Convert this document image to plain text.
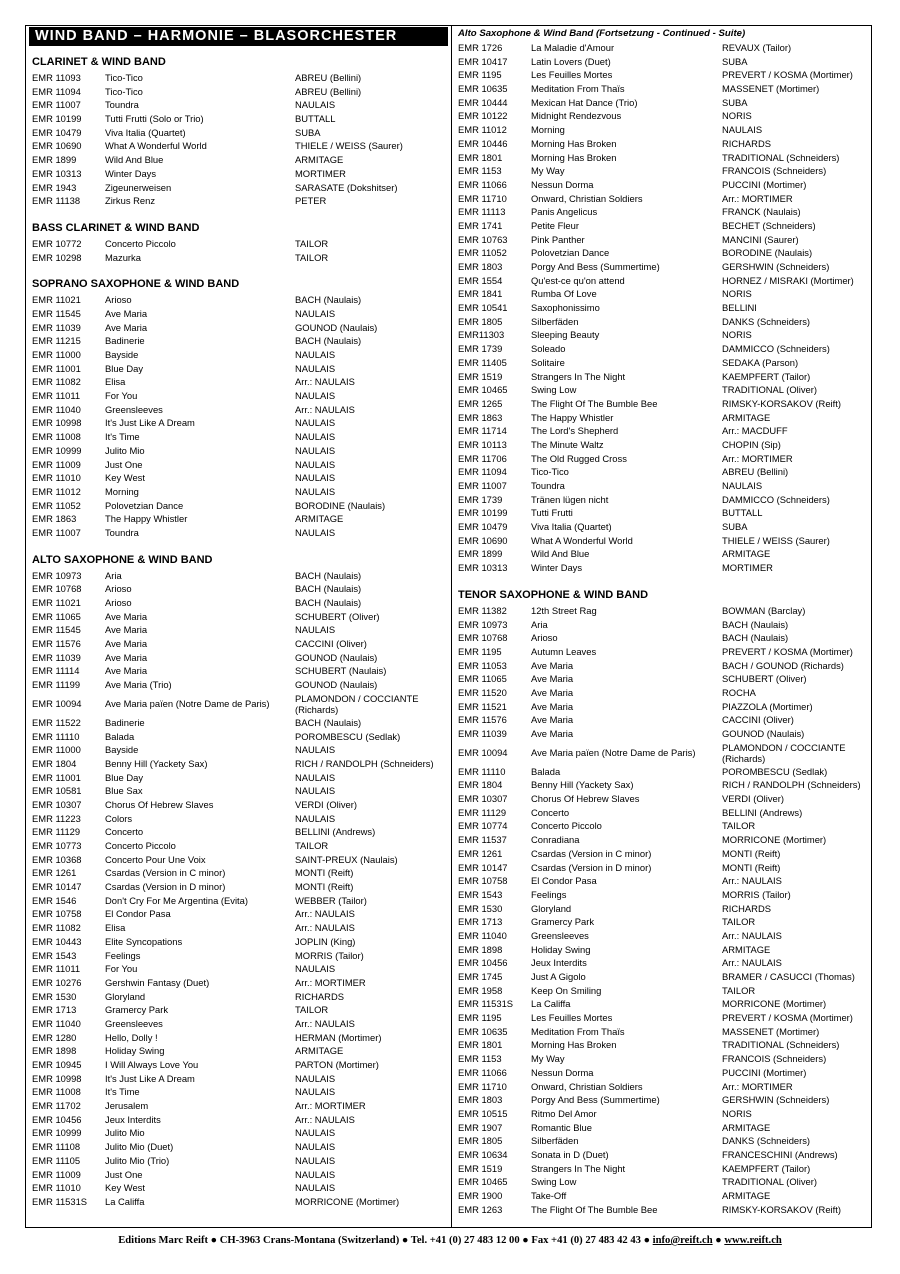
WIND BAND – HARMONIE – BLASORCHESTER
CLARINET & WIND BAND
EMR 11093	Tico-Tico	ABREU (Bellini)
EMR 11094	Tico-Tico	ABREU (Bellini)
EMR 11007	Toundra	NAULAIS
EMR 10199	Tutti Frutti (Solo or Trio)	BUTTALL
EMR 10479	Viva Italia (Quartet)	SUBA
EMR 10690	What A Wonderful World	THIELE / WEISS (Saurer)
EMR 1899	Wild And Blue	ARMITAGE
EMR 10313	Winter Days	MORTIMER
EMR 1943	Zigeunerweisen	SARASATE (Dokshitser)
EMR 11138	Zirkus Renz	PETER
BASS CLARINET & WIND BAND
EMR 10772	Concerto Piccolo	TAILOR
EMR 10298	Mazurka	TAILOR
SOPRANO SAXOPHONE & WIND BAND
EMR 11021	Arioso	BACH (Naulais)
EMR 11545	Ave Maria	NAULAIS
EMR 11039	Ave Maria	GOUNOD (Naulais)
EMR 11215	Badinerie	BACH (Naulais)
EMR 11000	Bayside	NAULAIS
EMR 11001	Blue Day	NAULAIS
EMR 11082	Elisa	Arr.: NAULAIS
EMR 11011	For You	NAULAIS
EMR 11040	Greensleeves	Arr.: NAULAIS
EMR 10998	It's Just Like A Dream	NAULAIS
EMR 11008	It's Time	NAULAIS
EMR 10999	Julito Mio	NAULAIS
EMR 11009	Just One	NAULAIS
EMR 11010	Key West	NAULAIS
EMR 11012	Morning	NAULAIS
EMR 11052	Polovetzian Dance	BORODINE (Naulais)
EMR 1863	The Happy Whistler	ARMITAGE
EMR 11007	Toundra	NAULAIS
ALTO SAXOPHONE & WIND BAND
EMR 10973	Aria	BACH (Naulais)
EMR 10768	Arioso	BACH (Naulais)
EMR 11021	Arioso	BACH (Naulais)
EMR 11065	Ave Maria	SCHUBERT (Oliver)
EMR 11545	Ave Maria	NAULAIS
EMR 11576	Ave Maria	CACCINI (Oliver)
EMR 11039	Ave Maria	GOUNOD (Naulais)
EMR 11114	Ave Maria	SCHUBERT (Naulais)
EMR 11199	Ave Maria (Trio)	GOUNOD (Naulais)
EMR 10094	Ave Maria païen (Notre Dame de Paris)	PLAMONDON / COCCIANTE (Richards)
EMR 11522	Badinerie	BACH (Naulais)
EMR 11110	Balada	POROMBESCU (Sedlak)
EMR 11000	Bayside	NAULAIS
EMR 1804	Benny Hill (Yackety Sax)	RICH / RANDOLPH (Schneiders)
EMR 11001	Blue Day	NAULAIS
EMR 10581	Blue Sax	NAULAIS
EMR 10307	Chorus Of Hebrew Slaves	VERDI (Oliver)
EMR 11223	Colors	NAULAIS
EMR 11129	Concerto	BELLINI (Andrews)
EMR 10773	Concerto Piccolo	TAILOR
EMR 10368	Concerto Pour Une Voix	SAINT-PREUX (Naulais)
EMR 1261	Csardas (Version in C minor)	MONTI (Reift)
EMR 10147	Csardas (Version in D minor)	MONTI (Reift)
EMR 1546	Don't Cry For Me Argentina (Evita)	WEBBER (Tailor)
EMR 10758	El Condor Pasa	Arr.: NAULAIS
EMR 11082	Elisa	Arr.: NAULAIS
EMR 10443	Elite Syncopations	JOPLIN (King)
EMR 1543	Feelings	MORRIS (Tailor)
EMR 11011	For You	NAULAIS
EMR 10276	Gershwin Fantasy (Duet)	Arr.: MORTIMER
EMR 1530	Gloryland	RICHARDS
EMR 1713	Gramercy Park	TAILOR
EMR 11040	Greensleeves	Arr.: NAULAIS
EMR 1280	Hello, Dolly !	HERMAN (Mortimer)
EMR 1898	Holiday Swing	ARMITAGE
EMR 10945	I Will Always Love You	PARTON (Mortimer)
EMR 10998	It's Just Like A Dream	NAULAIS
EMR 11008	It's Time	NAULAIS
EMR 11702	Jerusalem	Arr.: MORTIMER
EMR 10456	Jeux Interdits	Arr.: NAULAIS
EMR 10999	Julito Mio	NAULAIS
EMR 11108	Julito Mio (Duet)	NAULAIS
EMR 11105	Julito Mio (Trio)	NAULAIS
EMR 11009	Just One	NAULAIS
EMR 11010	Key West	NAULAIS
EMR 11531S	La Califfa	MORRICONE (Mortimer)
Alto Saxophone & Wind Band (Fortsetzung - Continued - Suite)
EMR 1726	La Maladie d'Amour	REVAUX (Tailor)
EMR 10417	Latin Lovers (Duet)	SUBA
EMR 1195	Les Feuilles Mortes	PREVERT / KOSMA (Mortimer)
EMR 10635	Meditation From Thaïs	MASSENET (Mortimer)
EMR 10444	Mexican Hat Dance (Trio)	SUBA
EMR 10122	Midnight Rendezvous	NORIS
EMR 11012	Morning	NAULAIS
EMR 10446	Morning Has Broken	RICHARDS
EMR 1801	Morning Has Broken	TRADITIONAL (Schneiders)
EMR 1153	My Way	FRANCOIS (Schneiders)
EMR 11066	Nessun Dorma	PUCCINI (Mortimer)
EMR 11710	Onward, Christian Soldiers	Arr.: MORTIMER
EMR 11113	Panis Angelicus	FRANCK (Naulais)
EMR 1741	Petite Fleur	BECHET (Schneiders)
EMR 10763	Pink Panther	MANCINI (Saurer)
EMR 11052	Polovetzian Dance	BORODINE (Naulais)
EMR 1803	Porgy And Bess (Summertime)	GERSHWIN (Schneiders)
EMR 1554	Qu'est-ce qu'on attend	HORNEZ / MISRAKI (Mortimer)
EMR 1841	Rumba Of Love	NORIS
EMR 10541	Saxophonissimo	BELLINI
EMR 1805	Silberfäden	DANKS (Schneiders)
EMR11303	Sleeping Beauty	NORIS
EMR 1739	Soleado	DAMMICCO (Schneiders)
EMR 11405	Solitaire	SEDAKA (Parson)
EMR 1519	Strangers In The Night	KAEMPFERT (Tailor)
EMR 10465	Swing Low	TRADITIONAL (Oliver)
EMR 1265	The Flight Of The Bumble Bee	RIMSKY-KORSAKOV (Reift)
EMR 1863	The Happy Whistler	ARMITAGE
EMR 11714	The Lord's Shepherd	Arr.: MACDUFF
EMR 10113	The Minute Waltz	CHOPIN (Sip)
EMR 11706	The Old Rugged Cross	Arr.: MORTIMER
EMR 11094	Tico-Tico	ABREU (Bellini)
EMR 11007	Toundra	NAULAIS
EMR 1739	Tränen lügen nicht	DAMMICCO (Schneiders)
EMR 10199	Tutti Frutti	BUTTALL
EMR 10479	Viva Italia (Quartet)	SUBA
EMR 10690	What A Wonderful World	THIELE / WEISS (Saurer)
EMR 1899	Wild And Blue	ARMITAGE
EMR 10313	Winter Days	MORTIMER
TENOR SAXOPHONE & WIND BAND
EMR 11382	12th Street Rag	BOWMAN (Barclay)
EMR 10973	Aria	BACH (Naulais)
EMR 10768	Arioso	BACH (Naulais)
EMR 1195	Autumn Leaves	PREVERT / KOSMA (Mortimer)
EMR 11053	Ave Maria	BACH / GOUNOD (Richards)
EMR 11065	Ave Maria	SCHUBERT (Oliver)
EMR 11520	Ave Maria	ROCHA
EMR 11521	Ave Maria	PIAZZOLA (Mortimer)
EMR 11576	Ave Maria	CACCINI (Oliver)
EMR 11039	Ave Maria	GOUNOD (Naulais)
EMR 10094	Ave Maria païen (Notre Dame de Paris)	PLAMONDON / COCCIANTE (Richards)
EMR 11110	Balada	POROMBESCU (Sedlak)
EMR 1804	Benny Hill (Yackety Sax)	RICH / RANDOLPH (Schneiders)
EMR 10307	Chorus Of Hebrew Slaves	VERDI (Oliver)
EMR 11129	Concerto	BELLINI (Andrews)
EMR 10774	Concerto Piccolo	TAILOR
EMR 11537	Conradiana	MORRICONE (Mortimer)
EMR 1261	Csardas (Version in C minor)	MONTI (Reift)
EMR 10147	Csardas (Version in D minor)	MONTI (Reift)
EMR 10758	El Condor Pasa	Arr.: NAULAIS
EMR 1543	Feelings	MORRIS (Tailor)
EMR 1530	Gloryland	RICHARDS
EMR 1713	Gramercy Park	TAILOR
EMR 11040	Greensleeves	Arr.: NAULAIS
EMR 1898	Holiday Swing	ARMITAGE
EMR 10456	Jeux Interdits	Arr.: NAULAIS
EMR 1745	Just A Gigolo	BRAMER / CASUCCI (Thomas)
EMR 1958	Keep On Smiling	TAILOR
EMR 11531S	La Califfa	MORRICONE (Mortimer)
EMR 1195	Les Feuilles Mortes	PREVERT / KOSMA (Mortimer)
EMR 10635	Meditation From Thaïs	MASSENET (Mortimer)
EMR 1801	Morning Has Broken	TRADITIONAL (Schneiders)
EMR 1153	My Way	FRANCOIS (Schneiders)
EMR 11066	Nessun Dorma	PUCCINI (Mortimer)
EMR 11710	Onward, Christian Soldiers	Arr.: MORTIMER
EMR 1803	Porgy And Bess (Summertime)	GERSHWIN (Schneiders)
EMR 10515	Ritmo Del Amor	NORIS
EMR 1907	Romantic Blue	ARMITAGE
EMR 1805	Silberfäden	DANKS (Schneiders)
EMR 10634	Sonata in D (Duet)	FRANCESCHINI (Andrews)
EMR 1519	Strangers In The Night	KAEMPFERT (Tailor)
EMR 10465	Swing Low	TRADITIONAL (Oliver)
EMR 1900	Take-Off	ARMITAGE
EMR 1263	The Flight Of The Bumble Bee	RIMSKY-KORSAKOV (Reift)
Editions Marc Reift ● CH-3963 Crans-Montana (Switzerland) ● Tel. +41 (0) 27 483 12 00 ● Fax +41 (0) 27 483 42 43 ● info@reift.ch ● www.reift.ch
